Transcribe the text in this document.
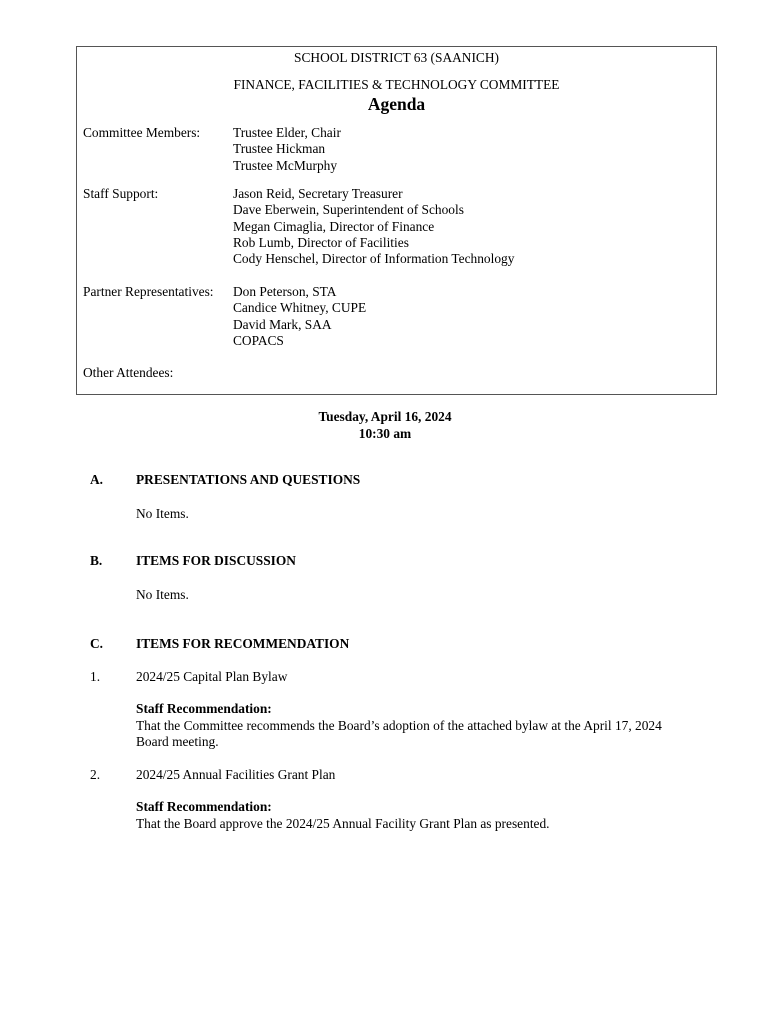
SCHOOL DISTRICT 63 (SAANICH)
FINANCE, FACILITIES & TECHNOLOGY COMMITTEE
Agenda
Committee Members: Trustee Elder, Chair
Trustee Hickman
Trustee McMurphy
Staff Support:	Jason Reid, Secretary Treasurer
Dave Eberwein, Superintendent of Schools
Megan Cimaglia, Director of Finance
Rob Lumb, Director of Facilities
Cody Henschel, Director of Information Technology
Partner Representatives: Don Peterson, STA
Candice Whitney, CUPE
David Mark, SAA
COPACS
Other Attendees:
Tuesday, April 16, 2024
10:30 am
A. PRESENTATIONS AND QUESTIONS
No Items.
B.	ITEMS FOR DISCUSSION
No Items.
C. ITEMS FOR RECOMMENDATION
1.	2024/25 Capital Plan Bylaw
Staff Recommendation:
That the Committee recommends the Board’s adoption of the attached bylaw at the April 17, 2024 Board meeting.
2.	2024/25 Annual Facilities Grant Plan
Staff Recommendation:
That the Board approve the 2024/25 Annual Facility Grant Plan as presented.
